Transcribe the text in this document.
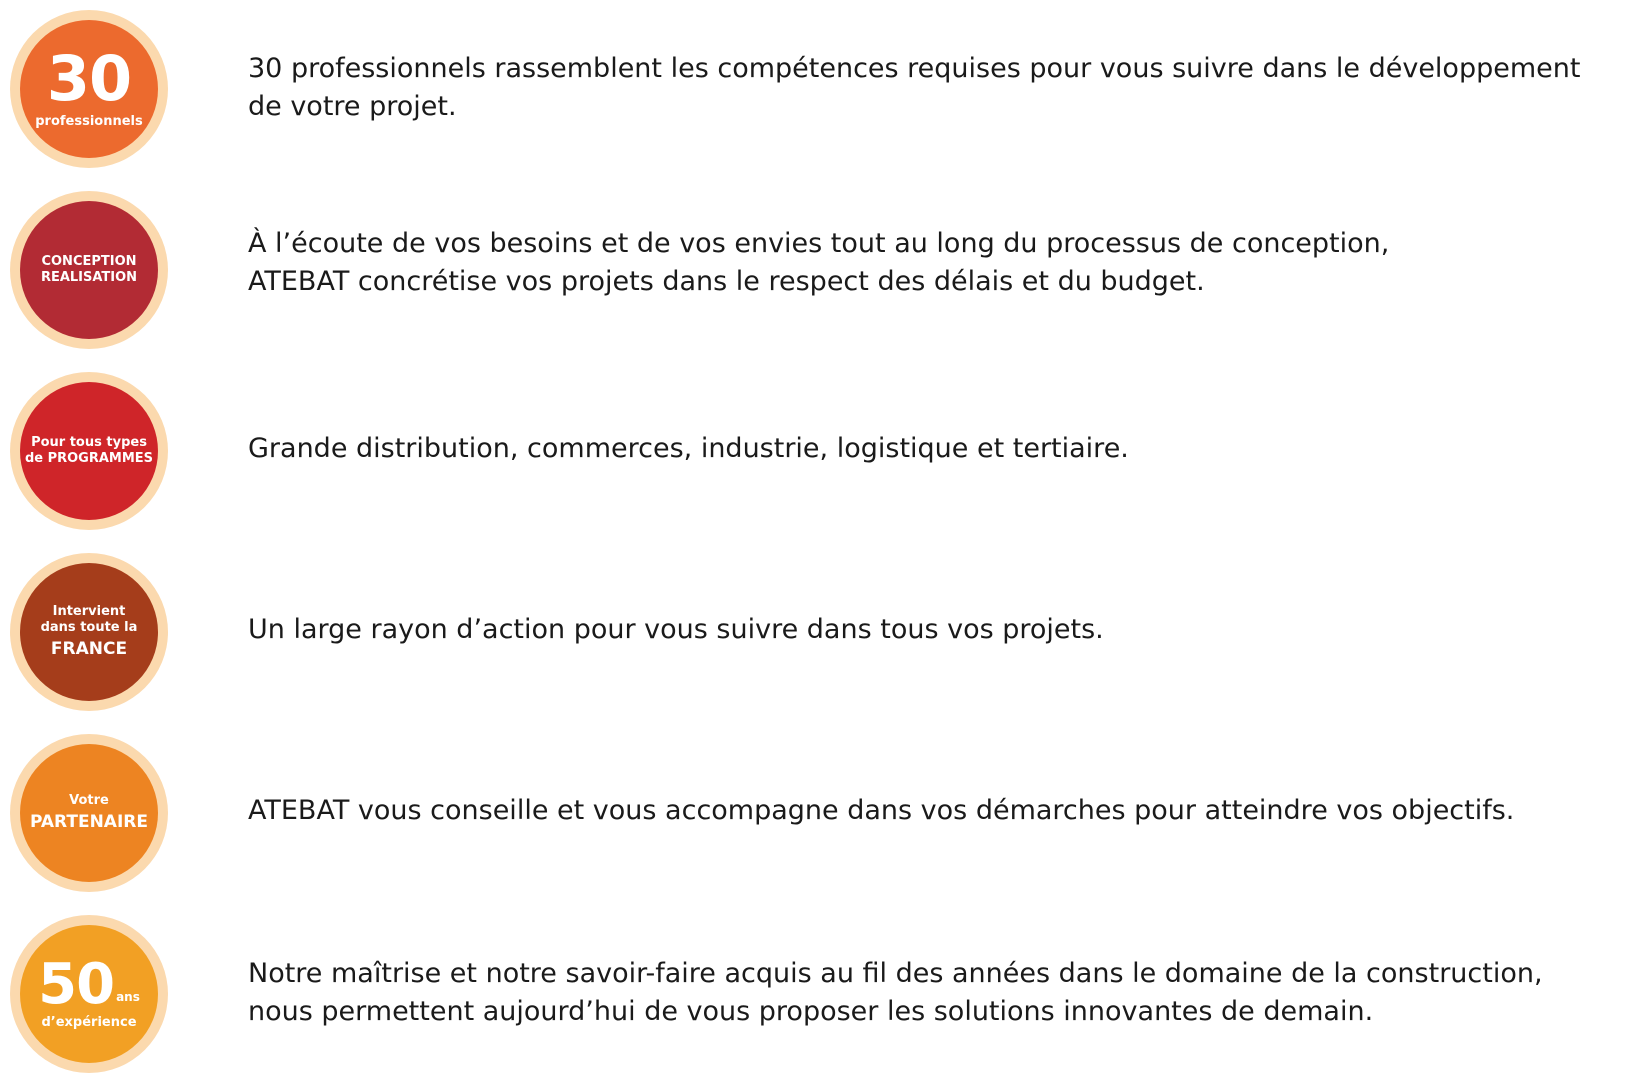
30
professionnels

30 professionnels rassemblent les compétences requises pour vous suivre dans le développement

de votre projet.

CONCEPTION
REALISATION

À l’écoute de vos besoins et de vos envies tout au long du processus de conception,

ATEBAT concrétise vos projets dans le respect des délais et du budget.

Pour tous types
de PROGRAMMES	Grande distribution, commerces, industrie, logistique et tertiaire.

Intervient
dans toute la
FRANCE

Un large rayon d’action pour vous suivre dans tous vos projets.

Votre
PARTENAIRE	ATEBAT vous conseille et vous accompagne dans vos démarches pour atteindre vos objectifs.

50 ans
d’expérience

Notre maîtrise et notre savoir-faire acquis au fil des années dans le domaine de la construction,

nous permettent aujourd’hui de vous proposer les solutions innovantes de demain.
